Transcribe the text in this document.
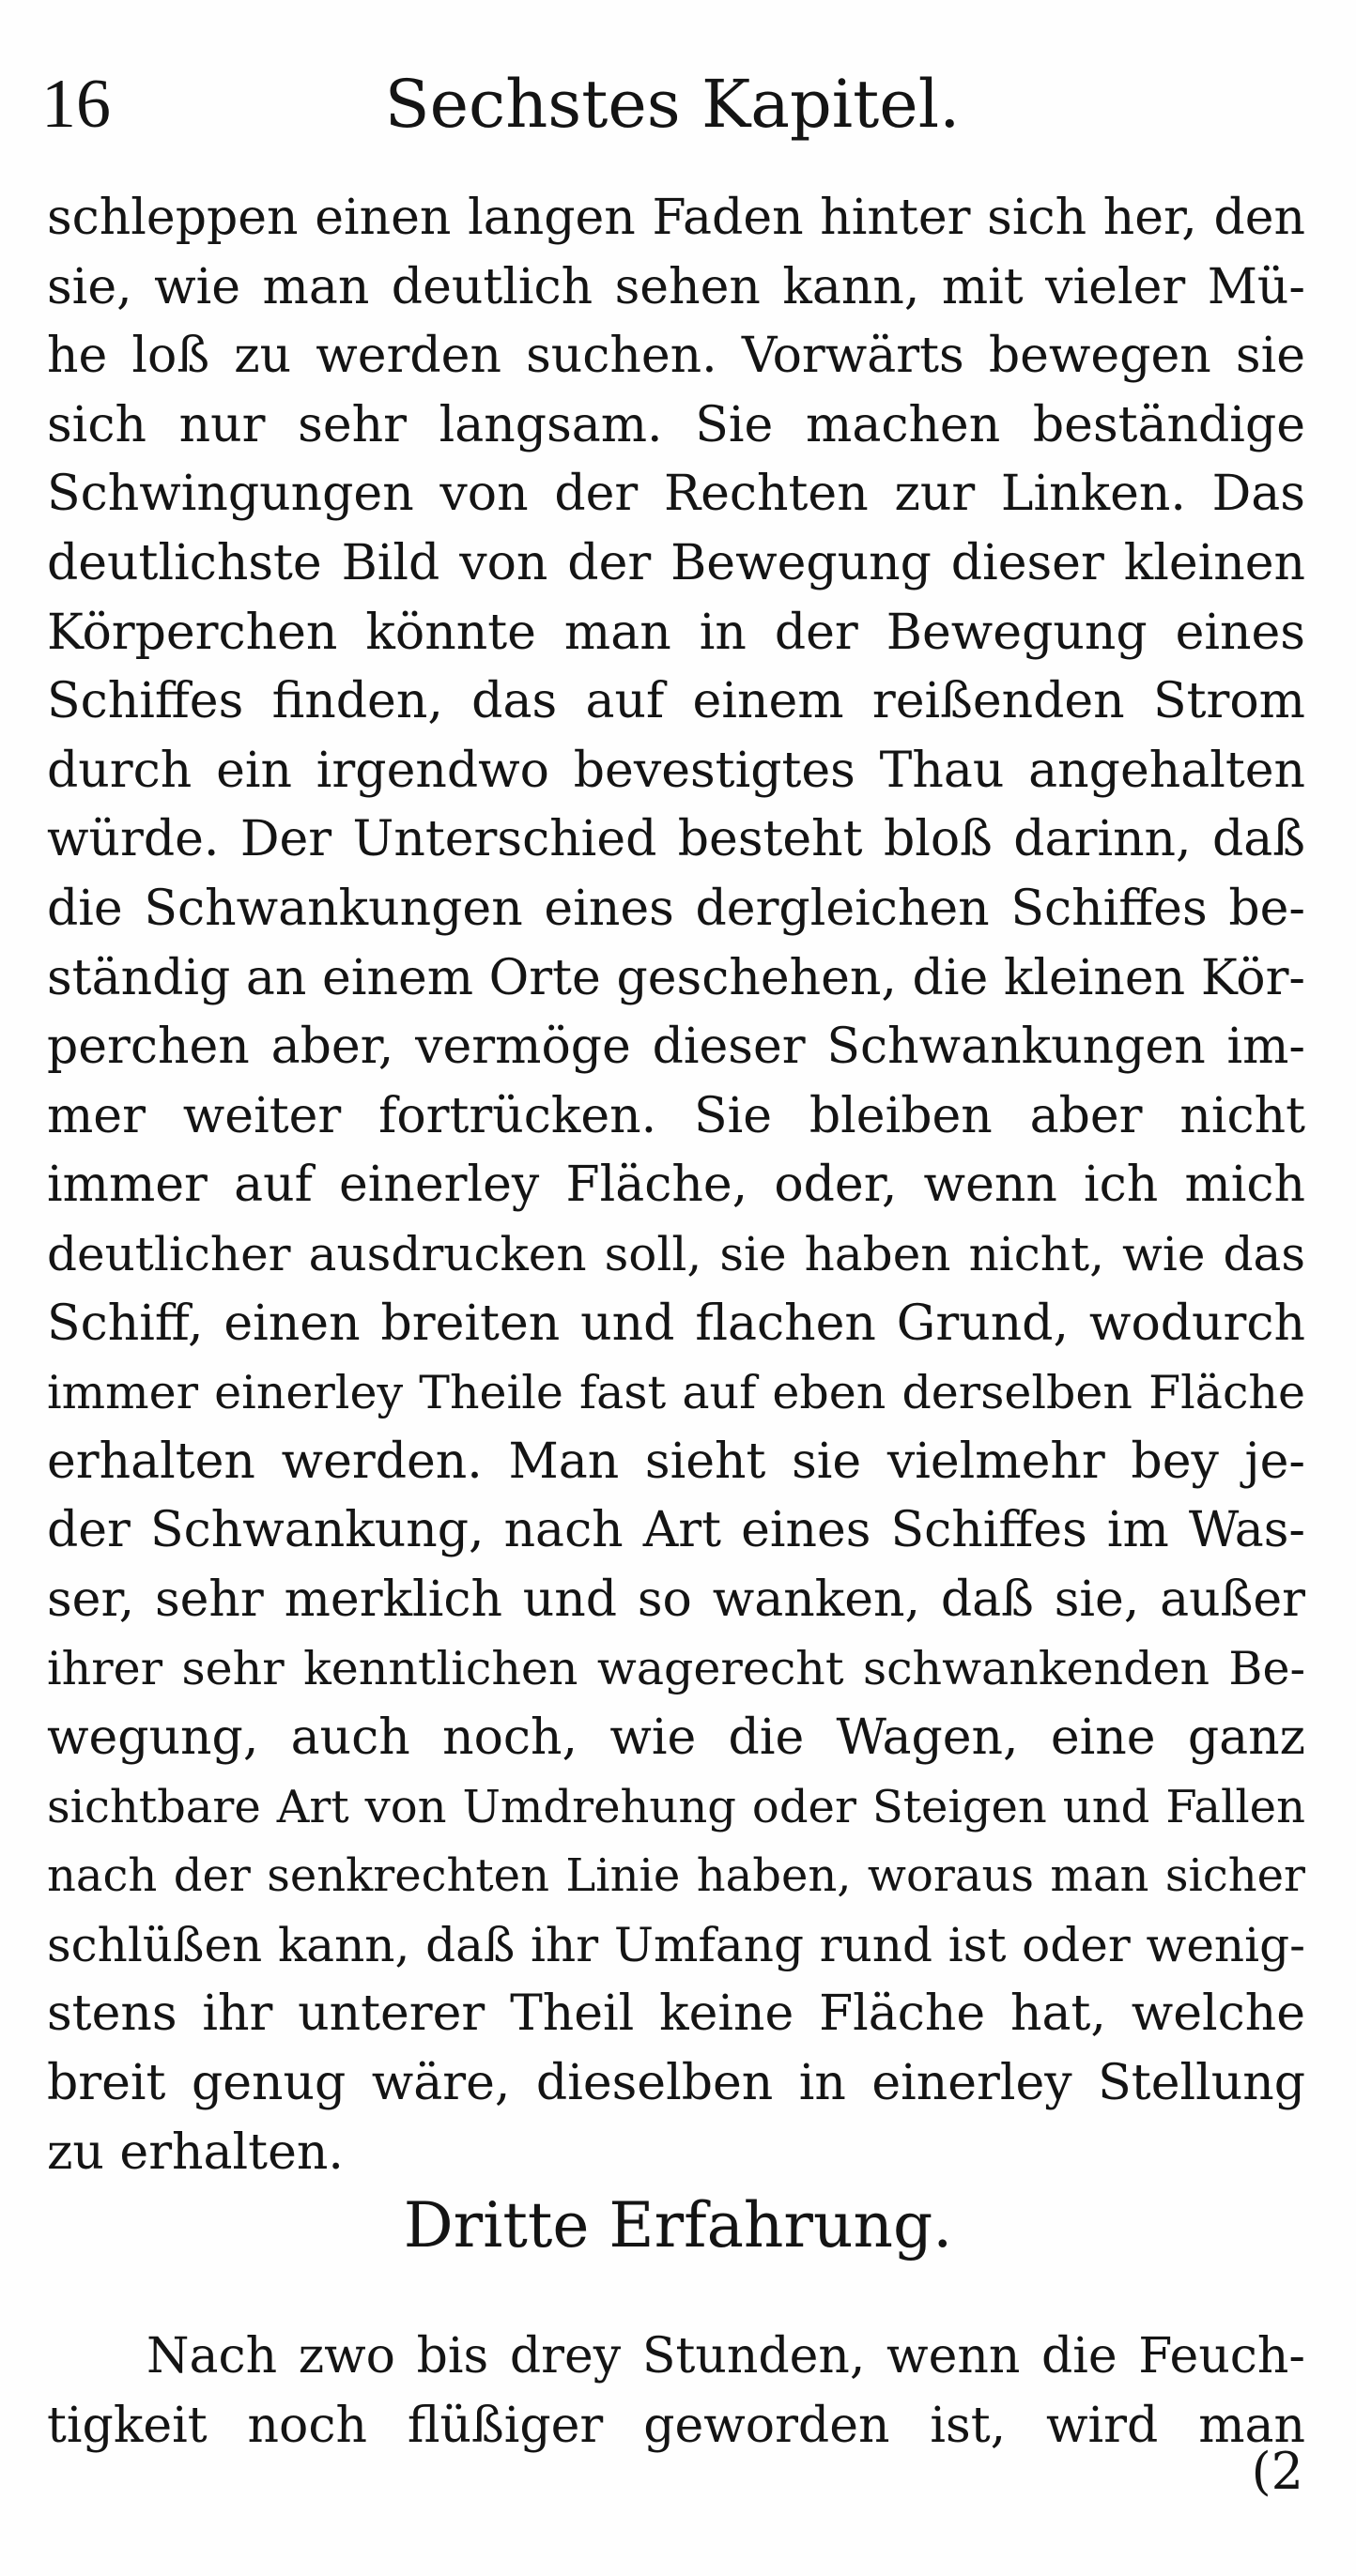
16	Sechstes Kapitel.
schleppen einen langen Faden hinter sich her, den
sie, wie man deutlich sehen kann, mit vieler Mü-
he loß zu werden suchen. Vorwärts bewegen sie
sich nur sehr langsam. Sie machen beständige
Schwingungen von der Rechten zur Linken. Das
deutlichste Bild von der Bewegung dieser kleinen
Körperchen könnte man in der Bewegung eines
Schiffes finden, das auf einem reißenden Strom
durch ein irgendwo bevestigtes Thau angehalten
würde. Der Unterschied besteht bloß darinn, daß
die Schwankungen eines dergleichen Schiffes be-
ständig an einem Orte geschehen, die kleinen Kör-
perchen aber, vermöge dieser Schwankungen im-
mer weiter fortrücken. Sie bleiben aber nicht
immer auf einerley Fläche, oder, wenn ich mich
deutlicher ausdrucken soll, sie haben nicht, wie das
Schiff, einen breiten und flachen Grund, wodurch
immer einerley Theile fast auf eben derselben Fläche
erhalten werden. Man sieht sie vielmehr bey je-
der Schwankung, nach Art eines Schiffes im Was-
ser, sehr merklich und so wanken, daß sie, außer
ihrer sehr kenntlichen wagerecht schwankenden Be-
wegung, auch noch, wie die Wagen, eine ganz
sichtbare Art von Umdrehung oder Steigen und Fallen
nach der senkrechten Linie haben, woraus man sicher
schlüßen kann, daß ihr Umfang rund ist oder wenig-
stens ihr unterer Theil keine Fläche hat, welche
breit genug wäre, dieselben in einerley Stellung
zu erhalten.
Dritte Erfahrung.
Nach zwo bis drey Stunden, wenn die Feuch-
tigkeit noch flüßiger geworden ist, wird man
(2
